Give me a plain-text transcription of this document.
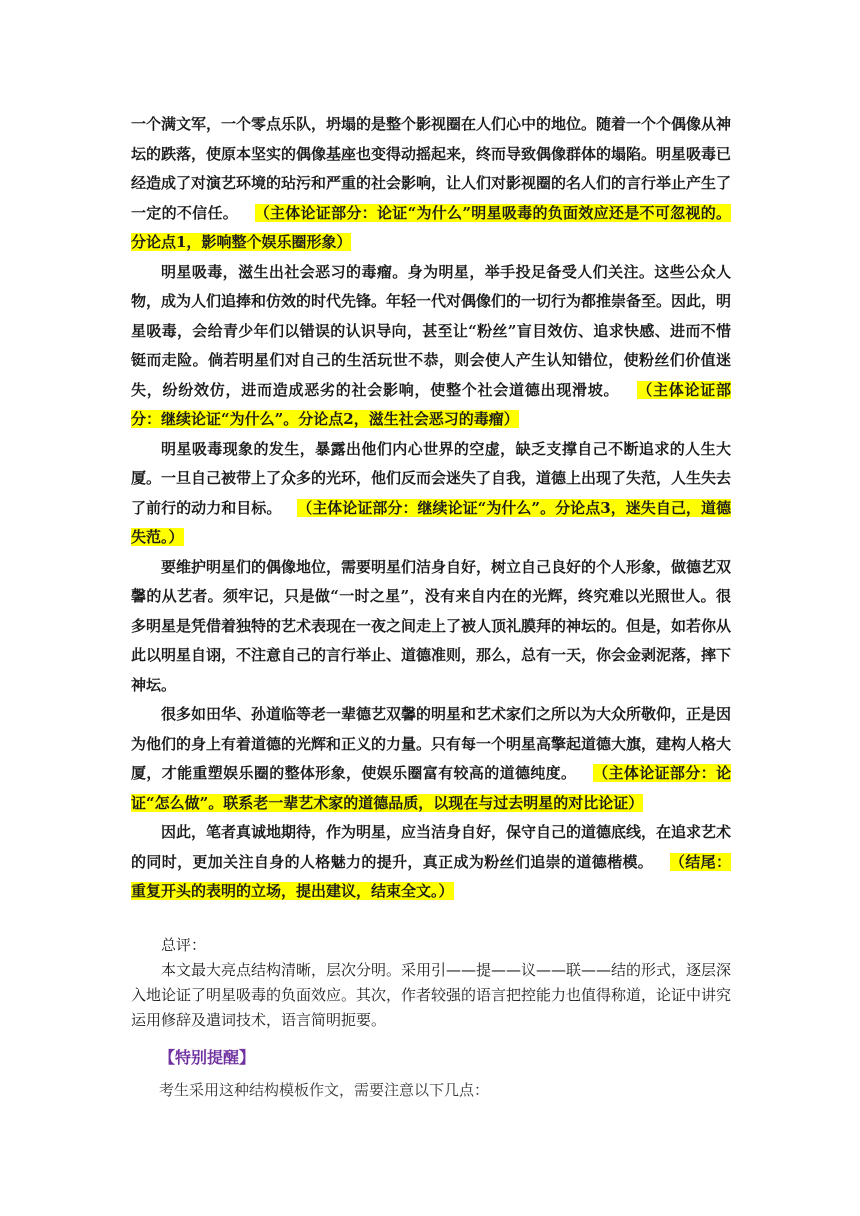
一个满文军，一个零点乐队，坍塌的是整个影视圈在人们心中的地位。随着一个个偶像从神坛的跌落，使原本坚实的偶像基座也变得动摇起来，终而导致偶像群体的塌陷。明星吸毒已经造成了对演艺环境的玷污和严重的社会影响，让人们对影视圈的名人们的言行举止产生了一定的不信任。 （主体论证部分：论证“为什么”明星吸毒的负面效应还是不可忽视的。 分论点1，影响整个娱乐圈形象）

明星吸毒，滋生出社会恶习的毒瘤。身为明星，举手投足备受人们关注。这些公众人物，成为人们追捧和仿效的时代先锋。年轻一代对偶像们的一切行为都推崇备至。因此，明星吸毒，会给青少年们以错误的认识导向，甚至让“粉丝”盲目效仿、追求快感、进而不惜铤而走险。倘若明星们对自己的生活玩世不恭，则会使人产生认知错位，使粉丝们价值迷失，纷纷效仿，进而造成恶劣的社会影响，使整个社会道德出现滑坡。 （主体论证部分：继续论证“为什么”。分论点2，滋生社会恶习的毒瘤）

明星吸毒现象的发生，暴露出他们内心世界的空虚，缺乏支撑自己不断追求的人生大厦。一旦自己被带上了众多的光环，他们反而会迷失了自我，道德上出现了失范，人生失去了前行的动力和目标。 （主体论证部分：继续论证“为什么”。分论点3，迷失自己，道德失范。）

要维护明星们的偶像地位，需要明星们洁身自好，树立自己良好的个人形象，做德艺双馨的从艺者。须牢记，只是做“一时之星”，没有来自内在的光辉，终究难以光照世人。很多明星是凭借着独特的艺术表现在一夜之间走上了被人顶礼膜拜的神坛的。但是，如若你从此以明星自诩，不注意自己的言行举止、道德准则，那么，总有一天，你会金剥泥落，摔下神坛。

很多如田华、孙道临等老一辈德艺双馨的明星和艺术家们之所以为大众所敬仰，正是因为他们的身上有着道德的光辉和正义的力量。只有每一个明星高擎起道德大旗，建构人格大厦，才能重塑娱乐圈的整体形象，使娱乐圈富有较高的道德纯度。 （主体论证部分：论证“怎么做”。联系老一辈艺术家的道德品质，以现在与过去明星的对比论证）

因此，笔者真诚地期待，作为明星，应当洁身自好，保守自己的道德底线，在追求艺术的同时，更加关注自身的人格魅力的提升，真正成为粉丝们追崇的道德楷模。 （结尾：重复开头的表明的立场，提出建议，结束全文。）

总评：

本文最大亮点结构清晰，层次分明。采用引——提——议——联——结的形式，逐层深入地论证了明星吸毒的负面效应。其次，作者较强的语言把控能力也值得称道，论证中讲究运用修辞及遣词技术，语言简明扼要。

【特别提醒】
考生采用这种结构模板作文，需要注意以下几点：
